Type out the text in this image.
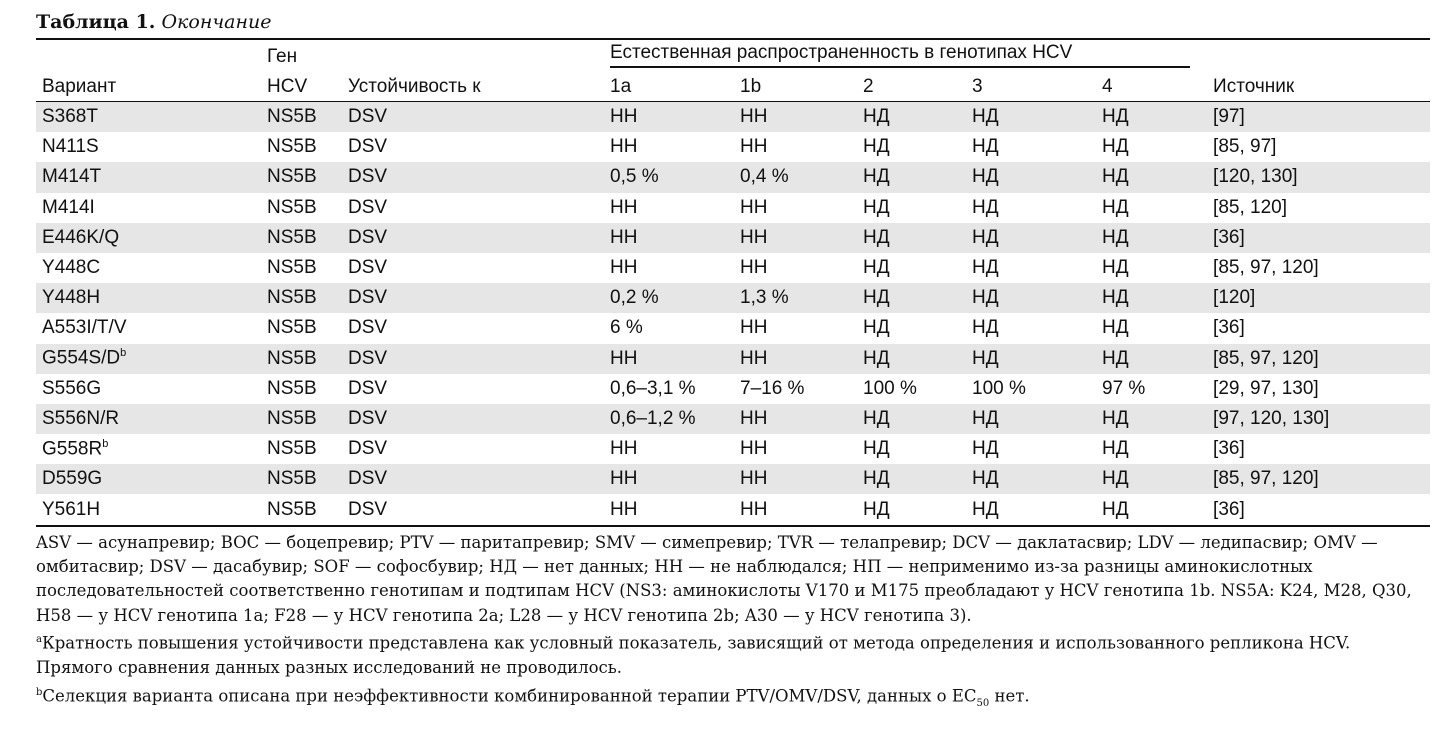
Таблица 1. Окончание
Вариант	Ген	Устойчивость к	Естественная распространенность в генотипах HCV					Источник
	HCV		1a	1b	2	3	4	
S368T	NS5B	DSV	НН	НН	НД	НД	НД	[97]
N411S	NS5B	DSV	НН	НН	НД	НД	НД	[85, 97]
M414T	NS5B	DSV	0,5 %	0,4 %	НД	НД	НД	[120, 130]
M414I	NS5B	DSV	НН	НН	НД	НД	НД	[85, 120]
E446K/Q	NS5B	DSV	НН	НН	НД	НД	НД	[36]
Y448C	NS5B	DSV	НН	НН	НД	НД	НД	[85, 97, 120]
Y448H	NS5B	DSV	0,2 %	1,3 %	НД	НД	НД	[120]
A553I/T/V	NS5B	DSV	6 %	НН	НД	НД	НД	[36]
$G554S/D^b$	NS5B	DSV	НН	НН	НД	НД	НД	[85, 97, 120]
S556G	NS5B	DSV	0,6–3,1 %	7–16 %	100 %	100 %	97 %	[29, 97, 130]
S556N/R	NS5B	DSV	0,6–1,2 %	НН	НД	НД	НД	[97, 120, 130]
$G558R^b$	NS5B	DSV	НН	НН	НД	НД	НД	[36]
D559G	NS5B	DSV	НН	НН	НД	НД	НД	[85, 97, 120]
Y561H	NS5B	DSV	НН	НН	НД	НД	НД	[36]

ASV — асунапревир; BOC — боцепревир; PTV — паритапревир; SMV — симепревир; TVR — телапревир; DCV — даклатасвир; LDV — ледипасвир; OMV — омбитасвир; DSV — дасабувир; SOF — софосбувир; НД — нет данных; НН — не наблюдался; НП — неприменимо из-за разницы аминокислотных последовательностей соответственно генотипам и подтипам HCV (NS3: аминокислоты V170 и M175 преобладают у HCV генотипа 1b. NS5A: K24, M28, Q30, H58 — у HCV генотипа 1a; F28 — у HCV генотипа 2a; L28 — у HCV генотипа 2b; A30 — у HCV генотипа 3).

$^a$Кратность повышения устойчивости представлена как условный показатель, зависящий от метода определения и использованного репликона HCV. Прямого сравнения данных разных исследований не проводилось.

$^b$Селекция варианта описана при неэффективности комбинированной терапии PTV/OMV/DSV, данных о $EC_{50}$ нет.
